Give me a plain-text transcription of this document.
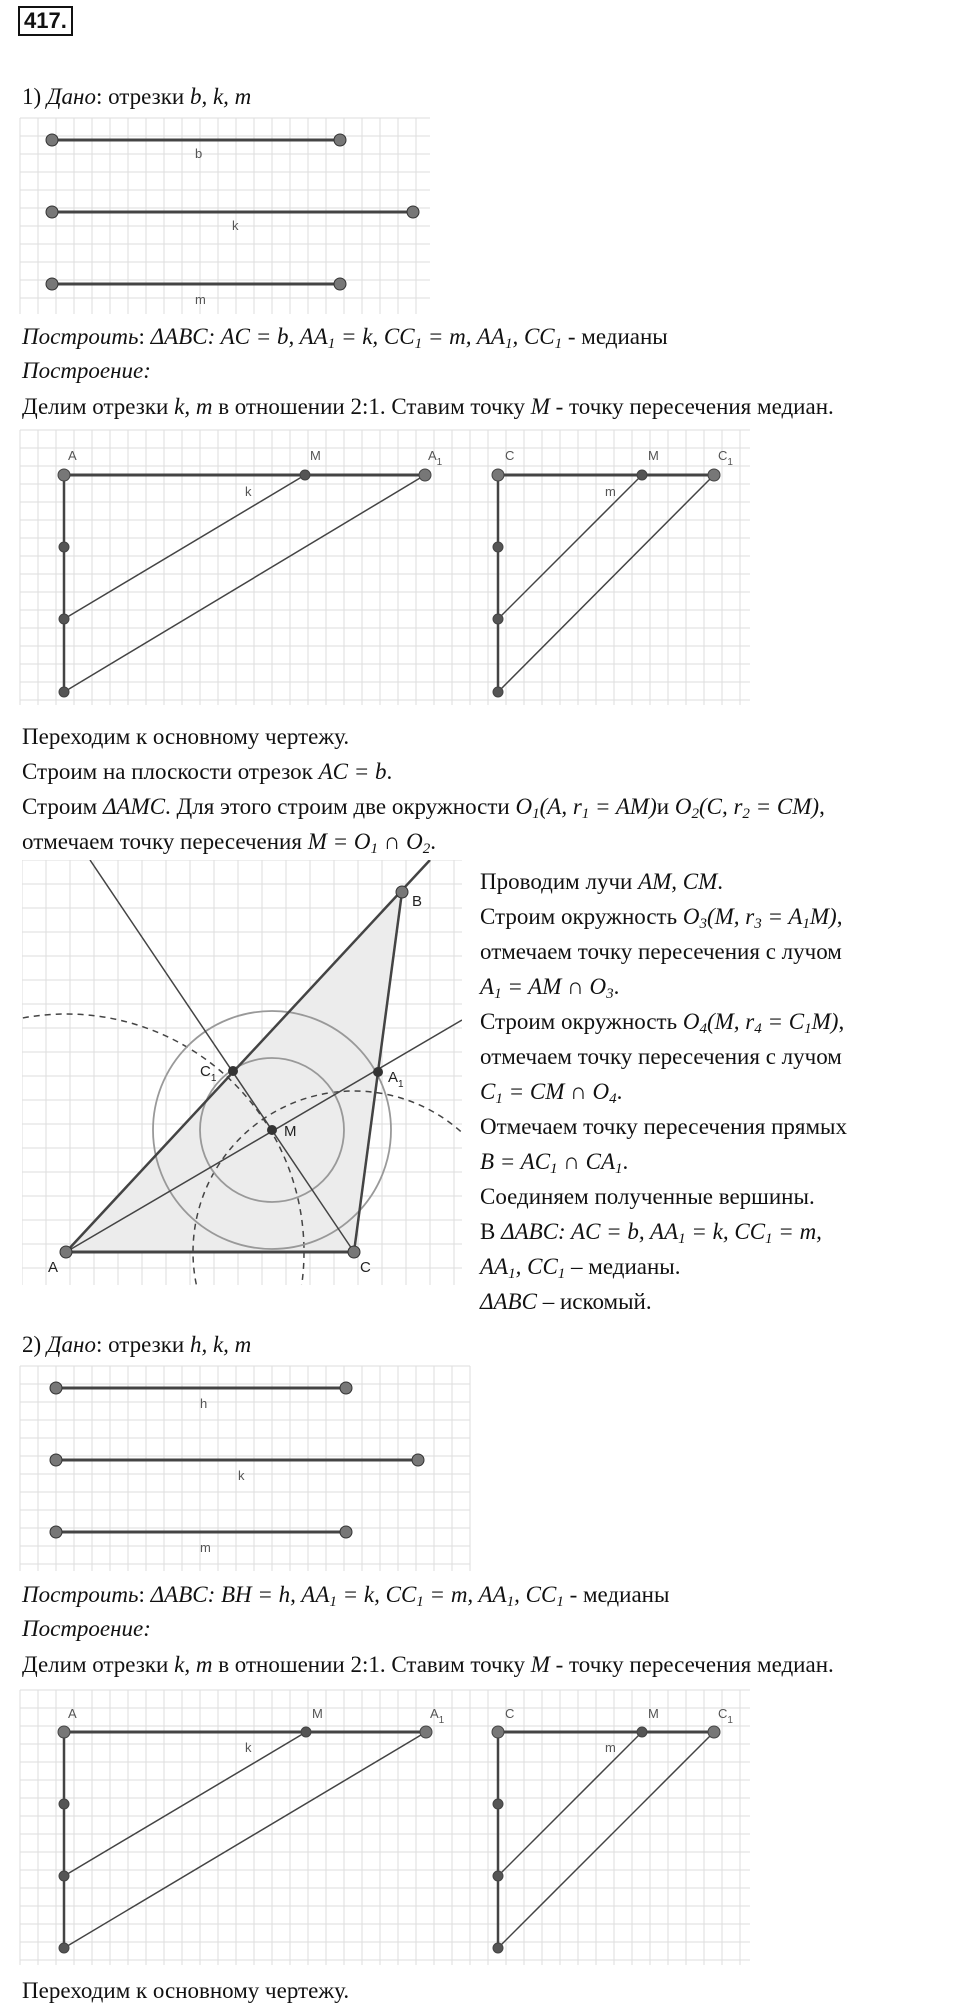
417.
1) Дано: отрезки b, k, m
b
k
m
Построить: ΔABC: AC = b, $AA_1 = k$, $CC_1 = m$, $AA_1$, $CC_1$ - медианы
Построение:
Делим отрезки k, m в отношении 2:1. Ставим точку M - точку пересечения медиан.
A	M	$A_1$
k
C	M	$C_1$
m
Переходим к основному чертежу.
Строим на плоскости отрезок AC = b.
Строим ΔAMC. Для этого строим две окружности $O_1(A$, $r_1 = AM)и$ $O_2(C$, $r_2 = CM$),
отмечаем точку пересечения $M = O_1$ ∩ $O_2$.
A	C
B
M
$C_1$	$A_1$
Проводим лучи AM, CM.
Строим окружность $O_3(M$, $r_3 = A_1M$),
отмечаем точку пересечения с лучом
$A_1$ = AM ∩ $O_3$.
Строим окружность $O_4(M$, $r_4 = C_1M$),
отмечаем точку пересечения с лучом
$C_1$ = CM ∩ $O_4$.
Отмечаем точку пересечения прямых
$B = AC_1$ ∩ $CA_1$.
Соединяем полученные вершины.
В ΔABC: AC = b, $AA_1 = k$, $CC_1 = m$,
$AA_1$, $CC_1$ – медианы.
ΔABC – искомый.
2) Дано: отрезки h, k, m
h
k
m
Построить: ΔABC: BH = h, $AA_1 = k$, $CC_1 = m$, $AA_1$, $CC_1$ - медианы
Построение:
Делим отрезки k, m в отношении 2:1. Ставим точку M - точку пересечения медиан.
A	M	$A_1$
k
C	M	$C_1$
m
Переходим к основному чертежу.
